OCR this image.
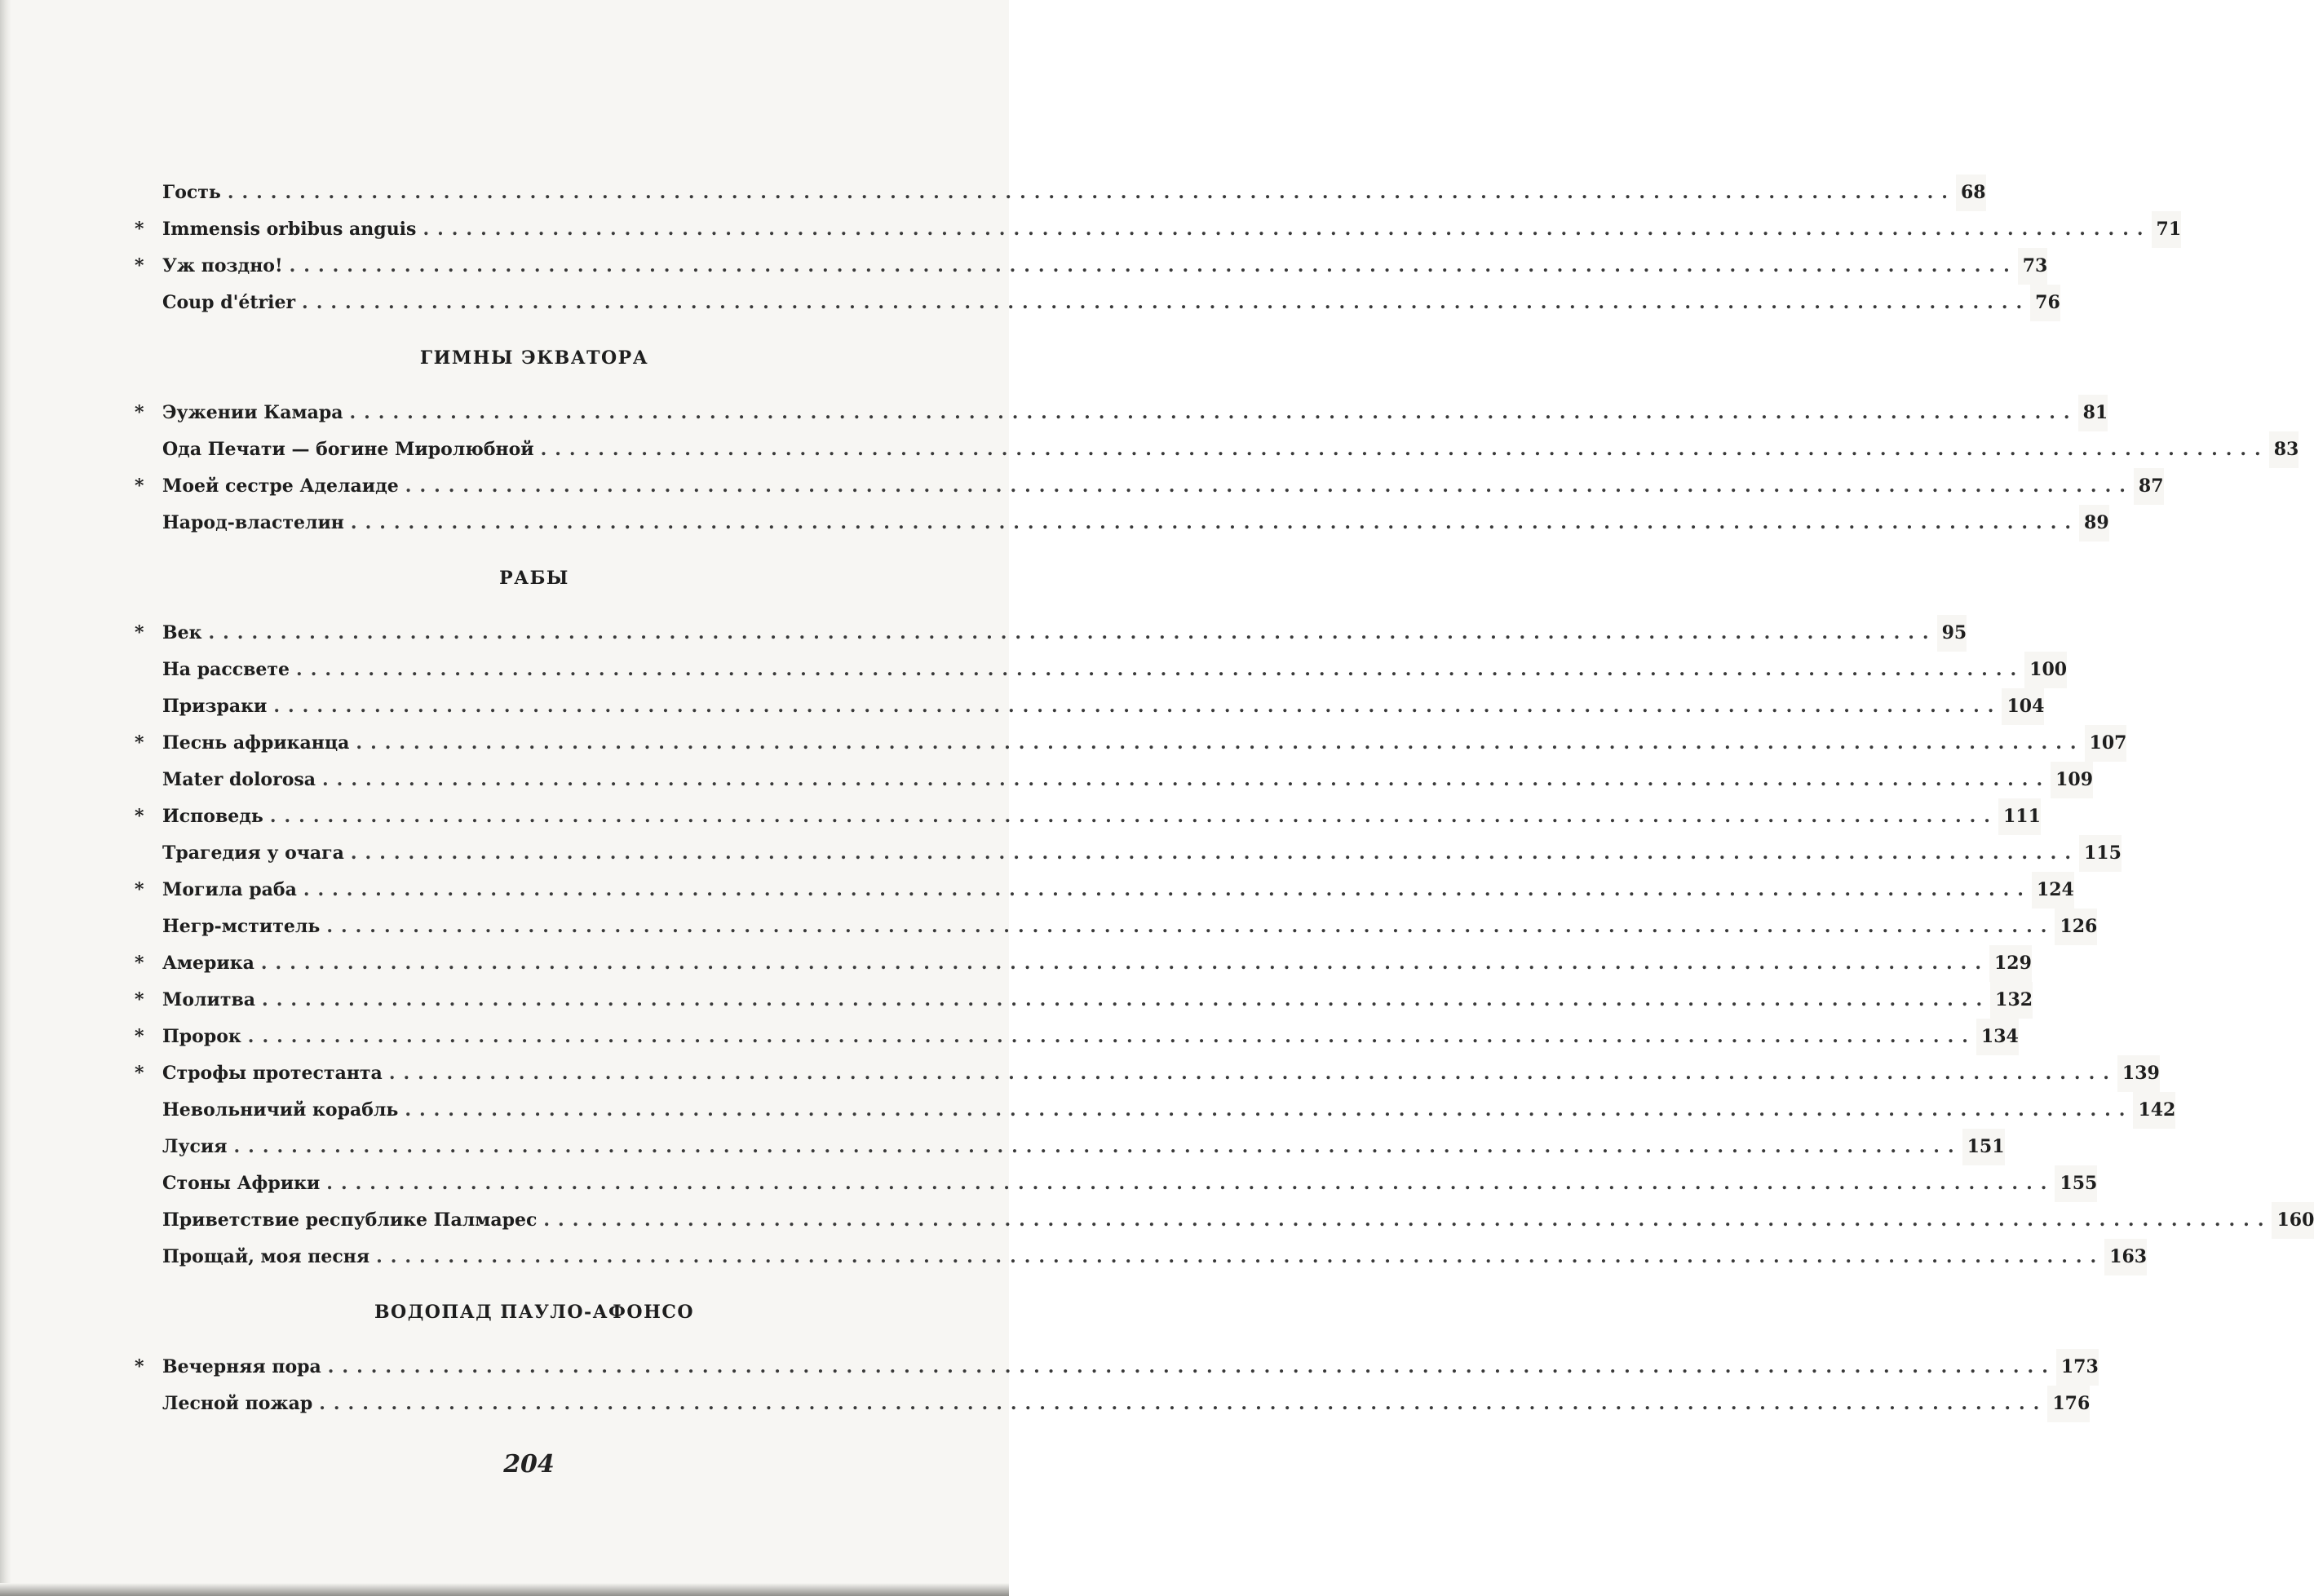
Гость ........................................................................................................................ 68
*	Immensis orbibus anguis ........................................................................................................................ 71
*	Уж поздно! ........................................................................................................................ 73
Coup d'étrier ........................................................................................................................ 76
ГИМНЫ ЭКВАТОРА
*	Эужении Камара ........................................................................................................................ 81
Ода Печати — богине Миролюбной ........................................................................................................................ 83
*	Моей сестре Аделаиде ........................................................................................................................ 87
Народ-властелин ........................................................................................................................ 89
РАБЫ
*	Век ........................................................................................................................ 95
На рассвете ........................................................................................................................ 100
Призраки ........................................................................................................................ 104
*	Песнь африканца ........................................................................................................................ 107
Mater dolorosa ........................................................................................................................ 109
*	Исповедь ........................................................................................................................ 111
Трагедия у очага ........................................................................................................................ 115
*	Могила раба ........................................................................................................................ 124
Негр-мститель ........................................................................................................................ 126
*	Америка ........................................................................................................................ 129
*	Молитва ........................................................................................................................ 132
*	Пророк ........................................................................................................................ 134
*	Строфы протестанта ........................................................................................................................ 139
Невольничий корабль ........................................................................................................................ 142
Лусия ........................................................................................................................ 151
Стоны Африки ........................................................................................................................ 155
Приветствие республике Палмарес ........................................................................................................................ 160
Прощай, моя песня ........................................................................................................................ 163
ВОДОПАД ПАУЛО-АФОНСО
*	Вечерняя пора ........................................................................................................................ 173
Лесной пожар ........................................................................................................................ 176
204
